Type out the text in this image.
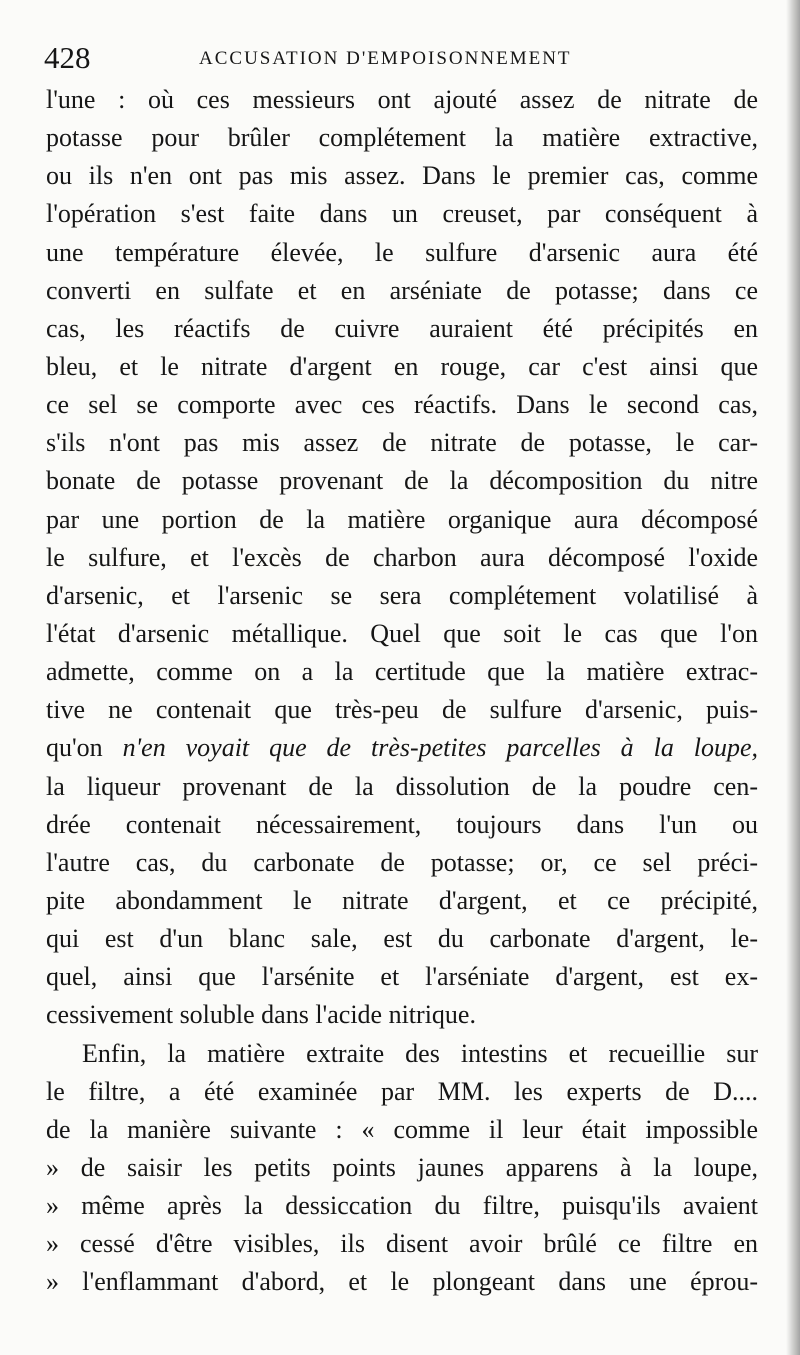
428	ACCUSATION D'EMPOISONNEMENT
l'une : où ces messieurs ont ajouté assez de nitrate de
potasse pour brûler complétement la matière extractive,
ou ils n'en ont pas mis assez. Dans le premier cas, comme
l'opération s'est faite dans un creuset, par conséquent à
une température élevée, le sulfure d'arsenic aura été
converti en sulfate et en arséniate de potasse; dans ce
cas, les réactifs de cuivre auraient été précipités en
bleu, et le nitrate d'argent en rouge, car c'est ainsi que
ce sel se comporte avec ces réactifs. Dans le second cas,
s'ils n'ont pas mis assez de nitrate de potasse, le car-
bonate de potasse provenant de la décomposition du nitre
par une portion de la matière organique aura décomposé
le sulfure, et l'excès de charbon aura décomposé l'oxide
d'arsenic, et l'arsenic se sera complétement volatilisé à
l'état d'arsenic métallique. Quel que soit le cas que l'on
admette, comme on a la certitude que la matière extrac-
tive ne contenait que très-peu de sulfure d'arsenic, puis-
qu'on n'en voyait que de très-petites parcelles à la loupe,
la liqueur provenant de la dissolution de la poudre cen-
drée contenait nécessairement, toujours dans l'un ou
l'autre cas, du carbonate de potasse; or, ce sel préci-
pite abondamment le nitrate d'argent, et ce précipité,
qui est d'un blanc sale, est du carbonate d'argent, le-
quel, ainsi que l'arsénite et l'arséniate d'argent, est ex-
cessivement soluble dans l'acide nitrique.
Enfin, la matière extraite des intestins et recueillie sur
le filtre, a été examinée par MM. les experts de D....
de la manière suivante : « comme il leur était impossible
» de saisir les petits points jaunes apparens à la loupe,
» même après la dessiccation du filtre, puisqu'ils avaient
» cessé d'être visibles, ils disent avoir brûlé ce filtre en
» l'enflammant d'abord, et le plongeant dans une éprou-
